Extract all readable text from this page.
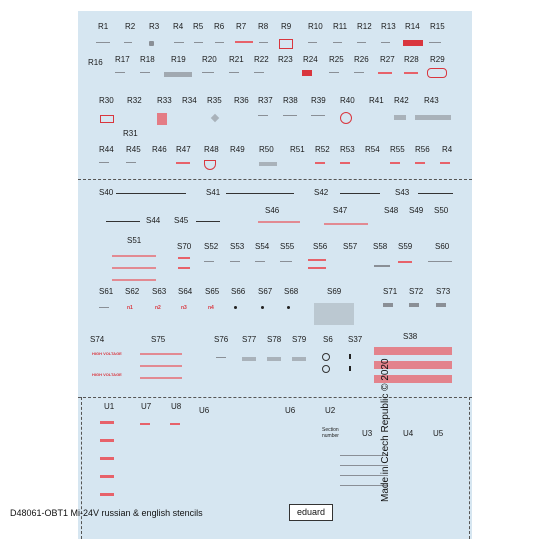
R1 R2 R3 R4 R5 R6 R7 R8 R9 R10 R11 R12 R13 R14 R15
R16 R17 R18 R19 R20 R21 R22 R23 R24 R25 R26 R27 R28 R29
R30 R32 R33 R34 R35 R36 R37 R38 R39 R40 R41 R42 R43
R31
R44 R45 R46 R47 R48 R49 R50 R51 R52 R53 R54 R55 R56 R4
S40	S41	S42	S43
S44 S45
S46	S47	S48 S49 S50
S51
S70 S52 S53 S54 S55 S56 S57 S58 S59	S60
S61 S62 S63 S64 S65 S66 S67 S68	S69	S71 S72 S73
S74	S75	S76 S77 S78 S79 S6 S37	S38
U1	U7 U8 U6	U6	U2
U3	U4 U5
n1	n2	n3	n4
HIGH VOLTAGE
HIGH VOLTAGE
Section number
D48061-OBT1 Mi-24V russian & english stencils	eduard
Made in Czech Republic © 2020
